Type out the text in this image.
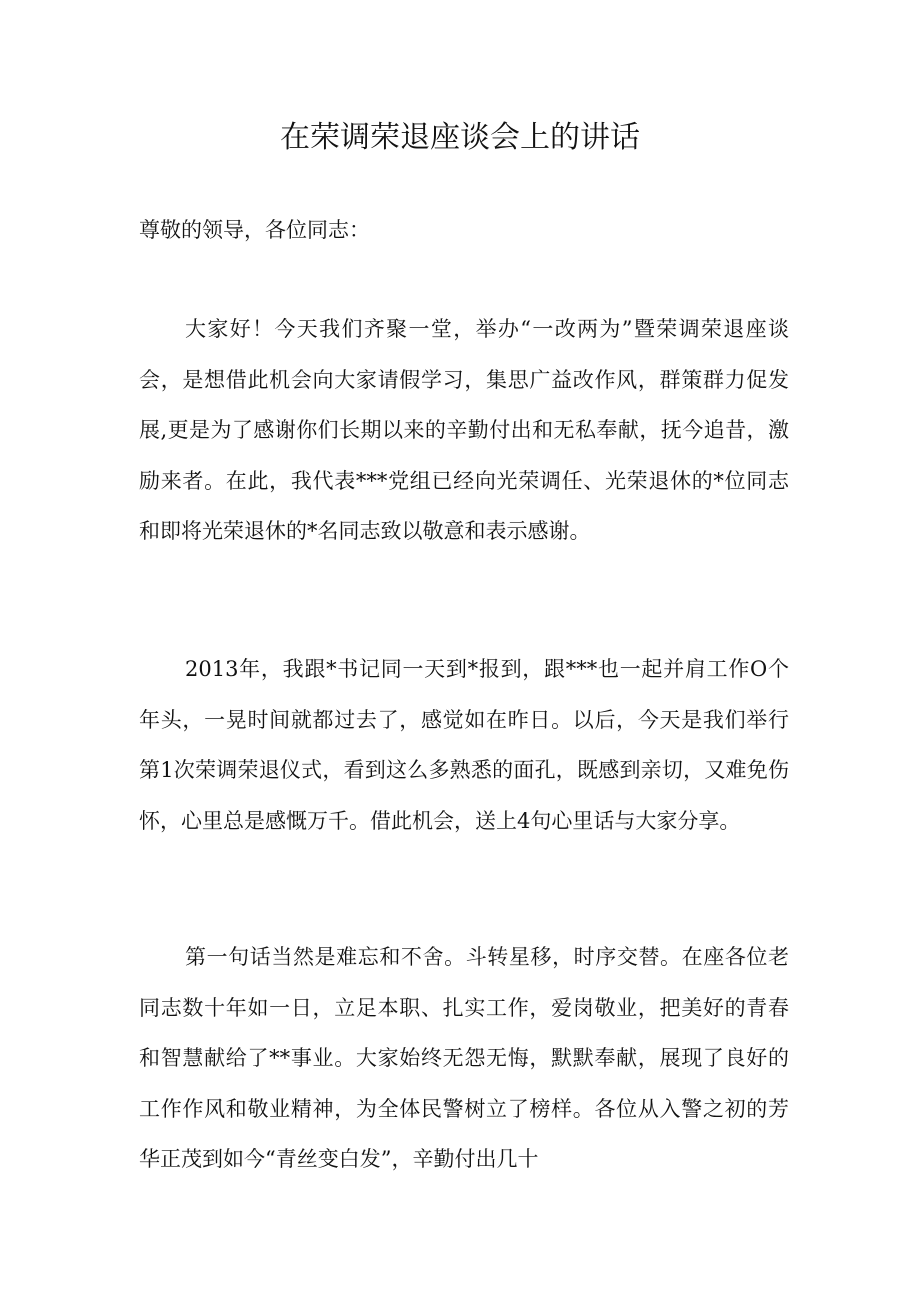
在荣调荣退座谈会上的讲话

尊敬的领导，各位同志：

大家好！今天我们齐聚一堂，举办“一改两为”暨荣调荣退座谈会，是想借此机会向大家请假学习，集思广益改作风，群策群力促发展,更是为了感谢你们长期以来的辛勤付出和无私奉献，抚今追昔，激励来者。在此，我代表***党组已经向光荣调任、光荣退休的*位同志和即将光荣退休的*名同志致以敬意和表示感谢。

2013年，我跟*书记同一天到*报到，跟***也一起并肩工作O个年头，一晃时间就都过去了，感觉如在昨日。以后，今天是我们举行第1次荣调荣退仪式，看到这么多熟悉的面孔，既感到亲切，又难免伤怀，心里总是感慨万千。借此机会，送上4句心里话与大家分享。

第一句话当然是难忘和不舍。斗转星移，时序交替。在座各位老同志数十年如一日，立足本职、扎实工作，爱岗敬业，把美好的青春和智慧献给了**事业。大家始终无怨无悔，默默奉献，展现了良好的工作作风和敬业精神，为全体民警树立了榜样。各位从入警之初的芳华正茂到如今“青丝变白发”，辛勤付出几十
